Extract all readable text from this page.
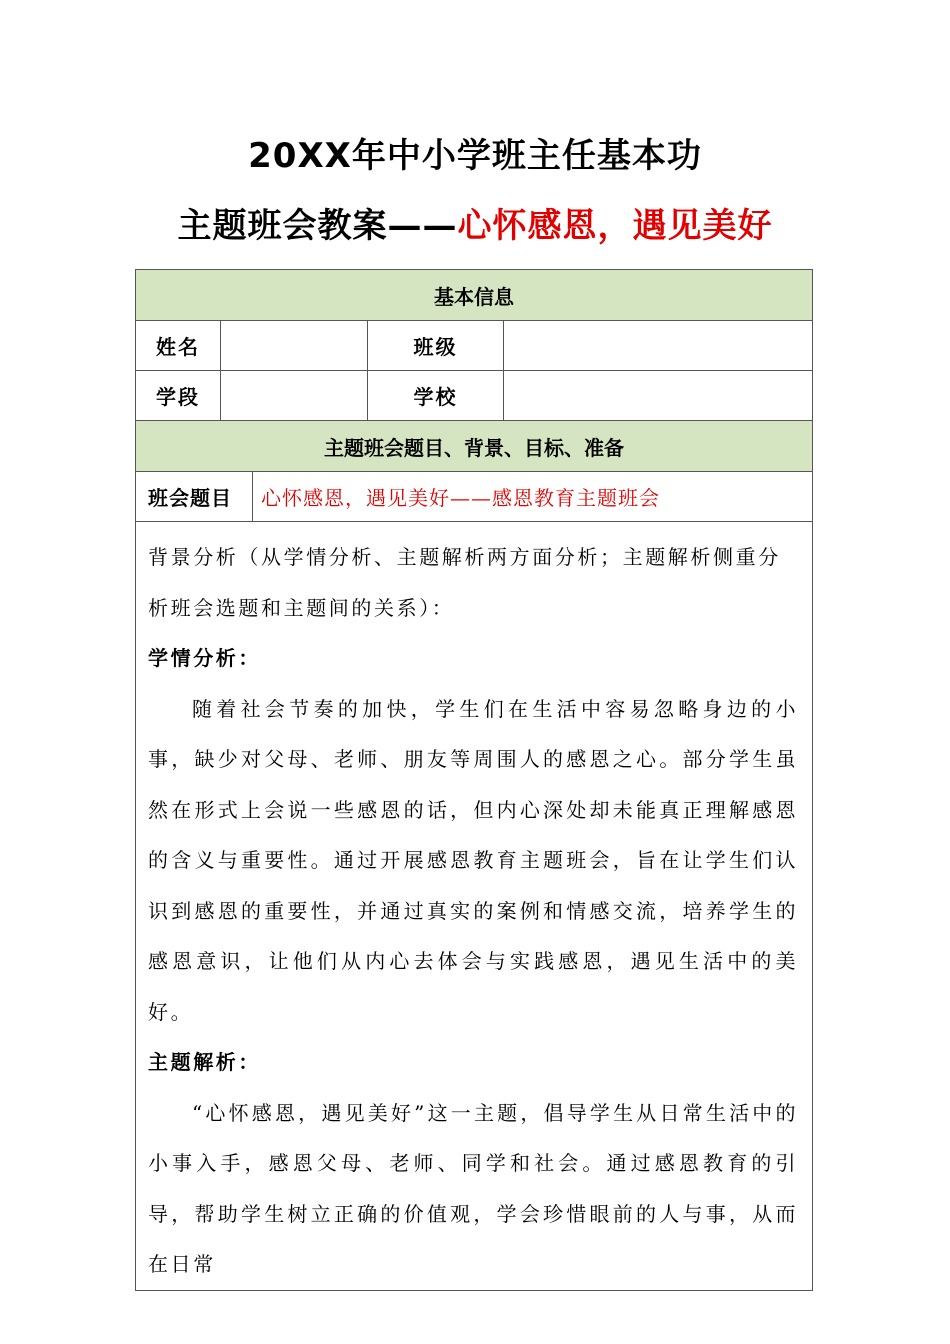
20XX年中小学班主任基本功
主题班会教案——心怀感恩，遇见美好
基本信息				
姓名			班级	
学段			学校	
主题班会题目、背景、目标、准备				
班会题目		心怀感恩，遇见美好——感恩教育主题班会		

背景分析（从学情分析、主题解析两方面分析；主题解析侧重分析班会选题和主题间的关系）：

学情分析：

随着社会节奏的加快，学生们在生活中容易忽略身边的小事，缺少对父母、老师、朋友等周围人的感恩之心。部分学生虽然在形式上会说一些感恩的话，但内心深处却未能真正理解感恩的含义与重要性。通过开展感恩教育主题班会，旨在让学生们认识到感恩的重要性，并通过真实的案例和情感交流，培养学生的感恩意识，让他们从内心去体会与实践感恩，遇见生活中的美好。

主题解析：

“心怀感恩，遇见美好”这一主题，倡导学生从日常生活中的小事入手，感恩父母、老师、同学和社会。通过感恩教育的引导，帮助学生树立正确的价值观，学会珍惜眼前的人与事，从而在日常				
